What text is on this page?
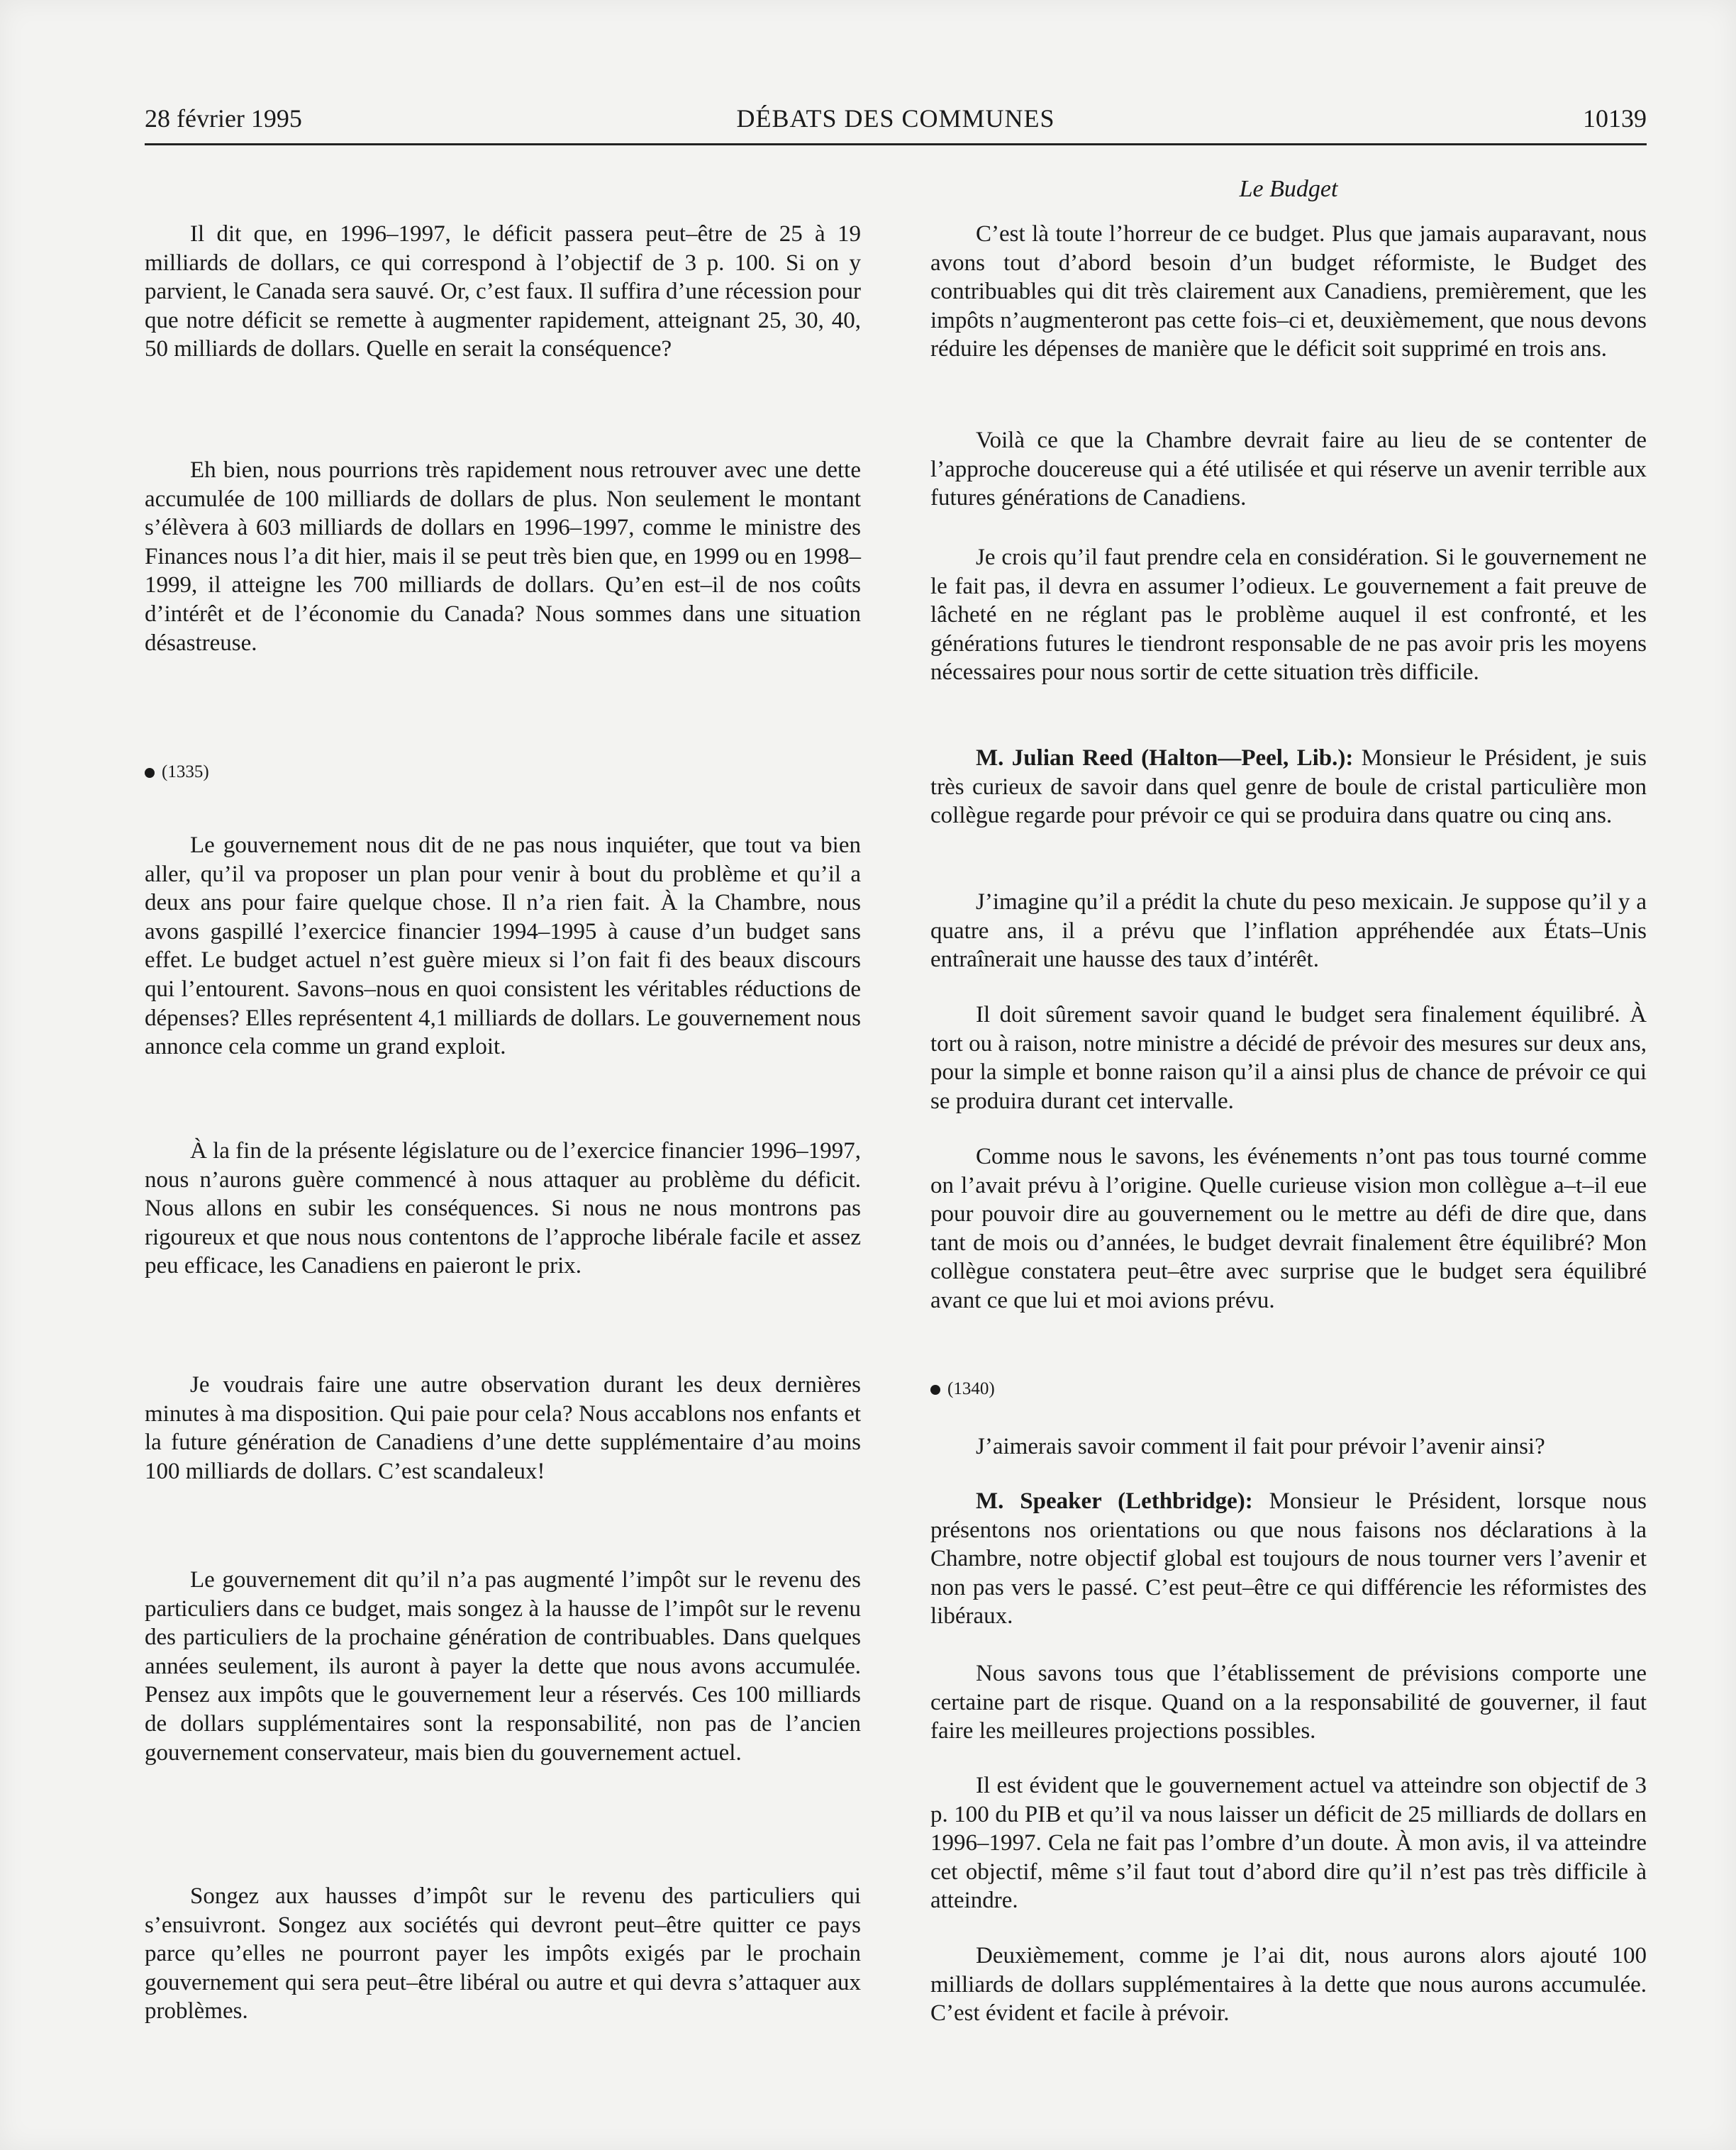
28 février 1995	DÉBATS DES COMMUNES	10139
Le Budget

Il dit que, en 1996–1997, le déficit passera peut–être de 25 à 19 milliards de dollars, ce qui correspond à l’objectif de 3 p. 100. Si on y parvient, le Canada sera sauvé. Or, c’est faux. Il suffira d’une récession pour que notre déficit se remette à augmenter rapidement, atteignant 25, 30, 40, 50 milliards de dollars. Quelle en serait la conséquence?

Eh bien, nous pourrions très rapidement nous retrouver avec une dette accumulée de 100 milliards de dollars de plus. Non seulement le montant s’élèvera à 603 milliards de dollars en 1996–1997, comme le ministre des Finances nous l’a dit hier, mais il se peut très bien que, en 1999 ou en 1998–1999, il atteigne les 700 milliards de dollars. Qu’en est–il de nos coûts d’intérêt et de l’économie du Canada? Nous sommes dans une situation désastreuse.

(1335)

Le gouvernement nous dit de ne pas nous inquiéter, que tout va bien aller, qu’il va proposer un plan pour venir à bout du problème et qu’il a deux ans pour faire quelque chose. Il n’a rien fait. À la Chambre, nous avons gaspillé l’exercice financier 1994–1995 à cause d’un budget sans effet. Le budget actuel n’est guère mieux si l’on fait fi des beaux discours qui l’entourent. Savons–nous en quoi consistent les véritables réductions de dépenses? Elles représentent 4,1 milliards de dollars. Le gouvernement nous annonce cela comme un grand exploit.

À la fin de la présente législature ou de l’exercice financier 1996–1997, nous n’aurons guère commencé à nous attaquer au problème du déficit. Nous allons en subir les conséquences. Si nous ne nous montrons pas rigoureux et que nous nous contentons de l’approche libérale facile et assez peu efficace, les Canadiens en paieront le prix.

Je voudrais faire une autre observation durant les deux dernières minutes à ma disposition. Qui paie pour cela? Nous accablons nos enfants et la future génération de Canadiens d’une dette supplémentaire d’au moins 100 milliards de dollars. C’est scandaleux!

Le gouvernement dit qu’il n’a pas augmenté l’impôt sur le revenu des particuliers dans ce budget, mais songez à la hausse de l’impôt sur le revenu des particuliers de la prochaine génération de contribuables. Dans quelques années seulement, ils auront à payer la dette que nous avons accumulée. Pensez aux impôts que le gouvernement leur a réservés. Ces 100 milliards de dollars supplémentaires sont la responsabilité, non pas de l’ancien gouvernement conservateur, mais bien du gouvernement actuel.

Songez aux hausses d’impôt sur le revenu des particuliers qui s’ensuivront. Songez aux sociétés qui devront peut–être quitter ce pays parce qu’elles ne pourront payer les impôts exigés par le prochain gouvernement qui sera peut–être libéral ou autre et qui devra s’attaquer aux problèmes.

C’est là toute l’horreur de ce budget. Plus que jamais auparavant, nous avons tout d’abord besoin d’un budget réformiste, le Budget des contribuables qui dit très clairement aux Canadiens, premièrement, que les impôts n’augmenteront pas cette fois–ci et, deuxièmement, que nous devons réduire les dépenses de manière que le déficit soit supprimé en trois ans.

Voilà ce que la Chambre devrait faire au lieu de se contenter de l’approche doucereuse qui a été utilisée et qui réserve un avenir terrible aux futures générations de Canadiens.

Je crois qu’il faut prendre cela en considération. Si le gouvernement ne le fait pas, il devra en assumer l’odieux. Le gouvernement a fait preuve de lâcheté en ne réglant pas le problème auquel il est confronté, et les générations futures le tiendront responsable de ne pas avoir pris les moyens nécessaires pour nous sortir de cette situation très difficile.

M. Julian Reed (Halton—Peel, Lib.): Monsieur le Président, je suis très curieux de savoir dans quel genre de boule de cristal particulière mon collègue regarde pour prévoir ce qui se produira dans quatre ou cinq ans.

J’imagine qu’il a prédit la chute du peso mexicain. Je suppose qu’il y a quatre ans, il a prévu que l’inflation appréhendée aux États–Unis entraînerait une hausse des taux d’intérêt.

Il doit sûrement savoir quand le budget sera finalement équilibré. À tort ou à raison, notre ministre a décidé de prévoir des mesures sur deux ans, pour la simple et bonne raison qu’il a ainsi plus de chance de prévoir ce qui se produira durant cet intervalle.

Comme nous le savons, les événements n’ont pas tous tourné comme on l’avait prévu à l’origine. Quelle curieuse vision mon collègue a–t–il eue pour pouvoir dire au gouvernement ou le mettre au défi de dire que, dans tant de mois ou d’années, le budget devrait finalement être équilibré? Mon collègue constatera peut–être avec surprise que le budget sera équilibré avant ce que lui et moi avions prévu.

(1340)

J’aimerais savoir comment il fait pour prévoir l’avenir ainsi?

M. Speaker (Lethbridge): Monsieur le Président, lorsque nous présentons nos orientations ou que nous faisons nos déclarations à la Chambre, notre objectif global est toujours de nous tourner vers l’avenir et non pas vers le passé. C’est peut–être ce qui différencie les réformistes des libéraux.

Nous savons tous que l’établissement de prévisions comporte une certaine part de risque. Quand on a la responsabilité de gouverner, il faut faire les meilleures projections possibles.

Il est évident que le gouvernement actuel va atteindre son objectif de 3 p. 100 du PIB et qu’il va nous laisser un déficit de 25 milliards de dollars en 1996–1997. Cela ne fait pas l’ombre d’un doute. À mon avis, il va atteindre cet objectif, même s’il faut tout d’abord dire qu’il n’est pas très difficile à atteindre.

Deuxièmement, comme je l’ai dit, nous aurons alors ajouté 100 milliards de dollars supplémentaires à la dette que nous aurons accumulée. C’est évident et facile à prévoir.
